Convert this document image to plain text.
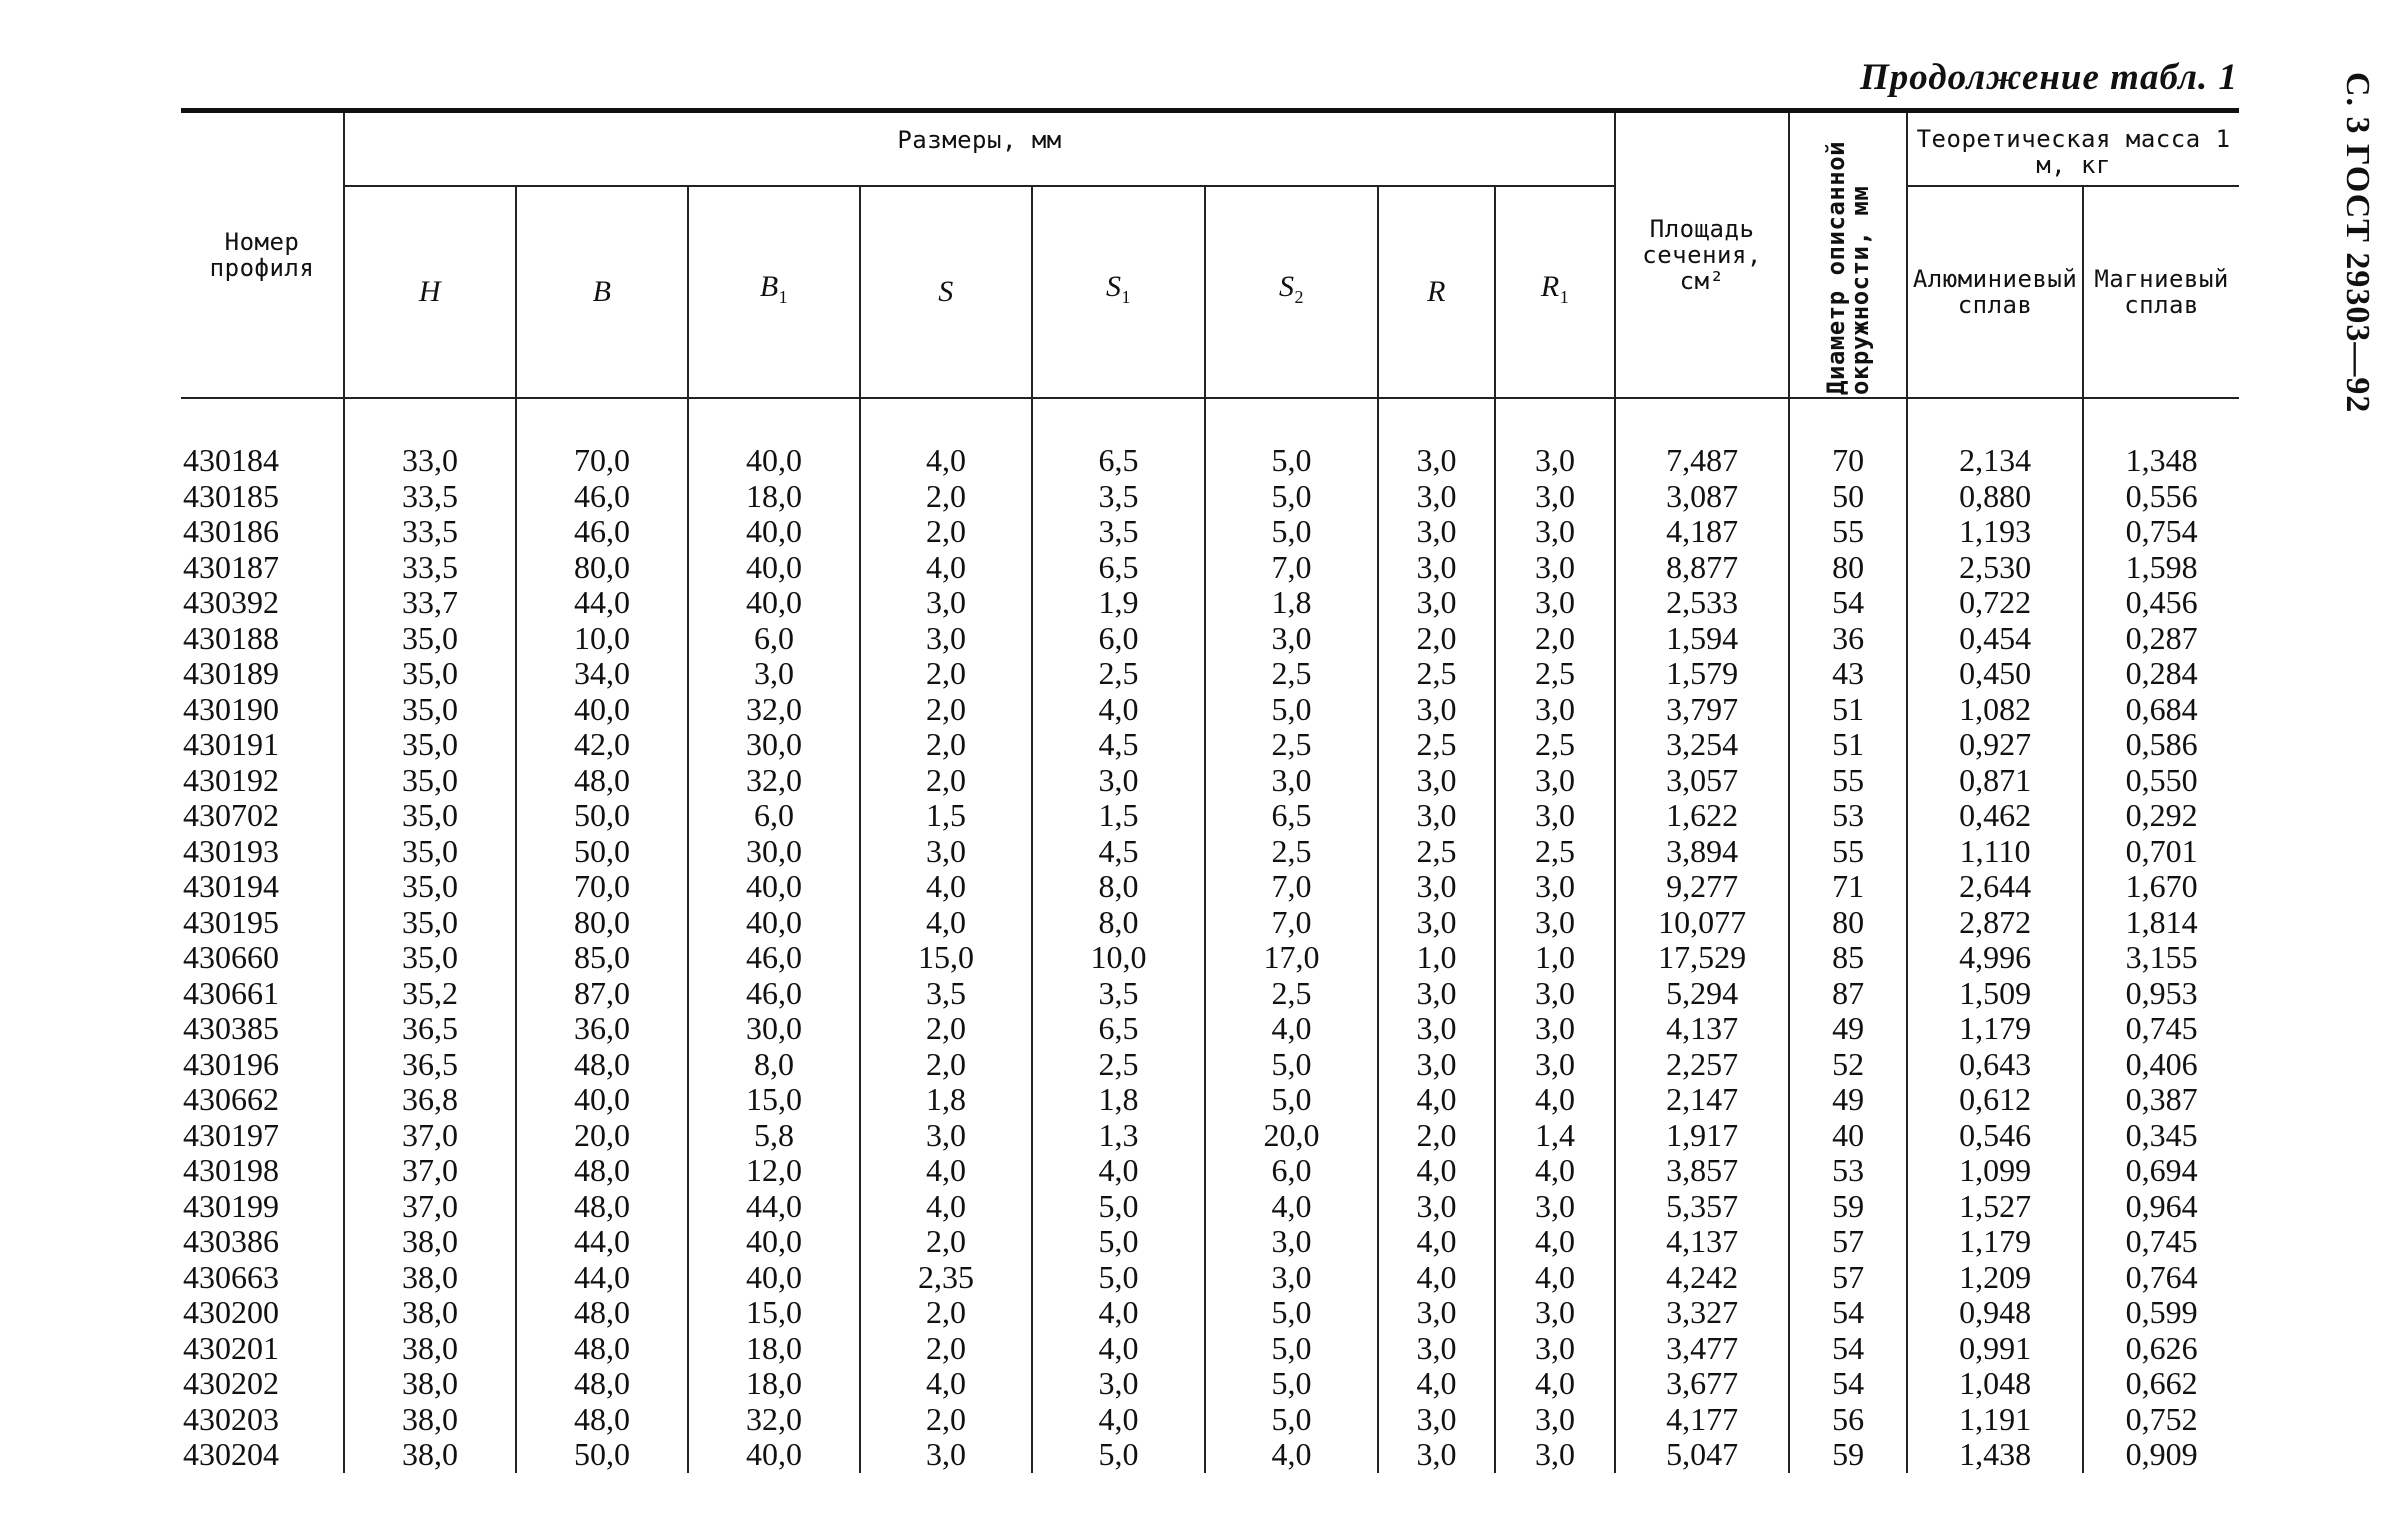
Продолжение табл. 1	С. 3 ГОСТ 29303—92
Номер профиля	Размеры, мм								Площадь сечения, см²	Диаметр описанной окружности, мм	Теоретическая масса 1 м, кг	
	H	B	$B_1$	S	$S_1$	$S_2$	R	$R_1$			Алюминиевый сплав	Магниевый сплав
430184	33,0	70,0	40,0	4,0	6,5	5,0	3,0	3,0	7,487	70	2,134	1,348
430185	33,5	46,0	18,0	2,0	3,5	5,0	3,0	3,0	3,087	50	0,880	0,556
430186	33,5	46,0	40,0	2,0	3,5	5,0	3,0	3,0	4,187	55	1,193	0,754
430187	33,5	80,0	40,0	4,0	6,5	7,0	3,0	3,0	8,877	80	2,530	1,598
430392	33,7	44,0	40,0	3,0	1,9	1,8	3,0	3,0	2,533	54	0,722	0,456
430188	35,0	10,0	6,0	3,0	6,0	3,0	2,0	2,0	1,594	36	0,454	0,287
430189	35,0	34,0	3,0	2,0	2,5	2,5	2,5	2,5	1,579	43	0,450	0,284
430190	35,0	40,0	32,0	2,0	4,0	5,0	3,0	3,0	3,797	51	1,082	0,684
430191	35,0	42,0	30,0	2,0	4,5	2,5	2,5	2,5	3,254	51	0,927	0,586
430192	35,0	48,0	32,0	2,0	3,0	3,0	3,0	3,0	3,057	55	0,871	0,550
430702	35,0	50,0	6,0	1,5	1,5	6,5	3,0	3,0	1,622	53	0,462	0,292
430193	35,0	50,0	30,0	3,0	4,5	2,5	2,5	2,5	3,894	55	1,110	0,701
430194	35,0	70,0	40,0	4,0	8,0	7,0	3,0	3,0	9,277	71	2,644	1,670
430195	35,0	80,0	40,0	4,0	8,0	7,0	3,0	3,0	10,077	80	2,872	1,814
430660	35,0	85,0	46,0	15,0	10,0	17,0	1,0	1,0	17,529	85	4,996	3,155
430661	35,2	87,0	46,0	3,5	3,5	2,5	3,0	3,0	5,294	87	1,509	0,953
430385	36,5	36,0	30,0	2,0	6,5	4,0	3,0	3,0	4,137	49	1,179	0,745
430196	36,5	48,0	8,0	2,0	2,5	5,0	3,0	3,0	2,257	52	0,643	0,406
430662	36,8	40,0	15,0	1,8	1,8	5,0	4,0	4,0	2,147	49	0,612	0,387
430197	37,0	20,0	5,8	3,0	1,3	20,0	2,0	1,4	1,917	40	0,546	0,345
430198	37,0	48,0	12,0	4,0	4,0	6,0	4,0	4,0	3,857	53	1,099	0,694
430199	37,0	48,0	44,0	4,0	5,0	4,0	3,0	3,0	5,357	59	1,527	0,964
430386	38,0	44,0	40,0	2,0	5,0	3,0	4,0	4,0	4,137	57	1,179	0,745
430663	38,0	44,0	40,0	2,35	5,0	3,0	4,0	4,0	4,242	57	1,209	0,764
430200	38,0	48,0	15,0	2,0	4,0	5,0	3,0	3,0	3,327	54	0,948	0,599
430201	38,0	48,0	18,0	2,0	4,0	5,0	3,0	3,0	3,477	54	0,991	0,626
430202	38,0	48,0	18,0	4,0	3,0	5,0	4,0	4,0	3,677	54	1,048	0,662
430203	38,0	48,0	32,0	2,0	4,0	5,0	3,0	3,0	4,177	56	1,191	0,752
430204	38,0	50,0	40,0	3,0	5,0	4,0	3,0	3,0	5,047	59	1,438	0,909
